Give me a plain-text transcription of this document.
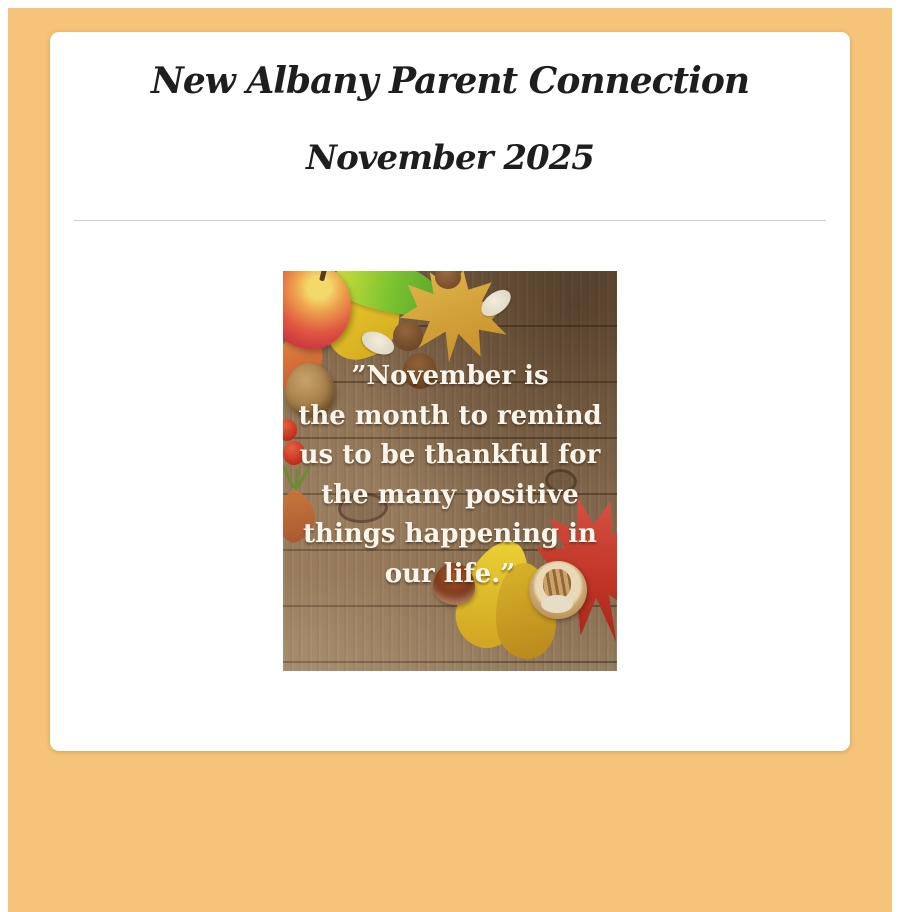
New Albany Parent Connection
November 2025
”November is
the month to remind
us to be thankful for
the many positive
things happening in
our life.”
